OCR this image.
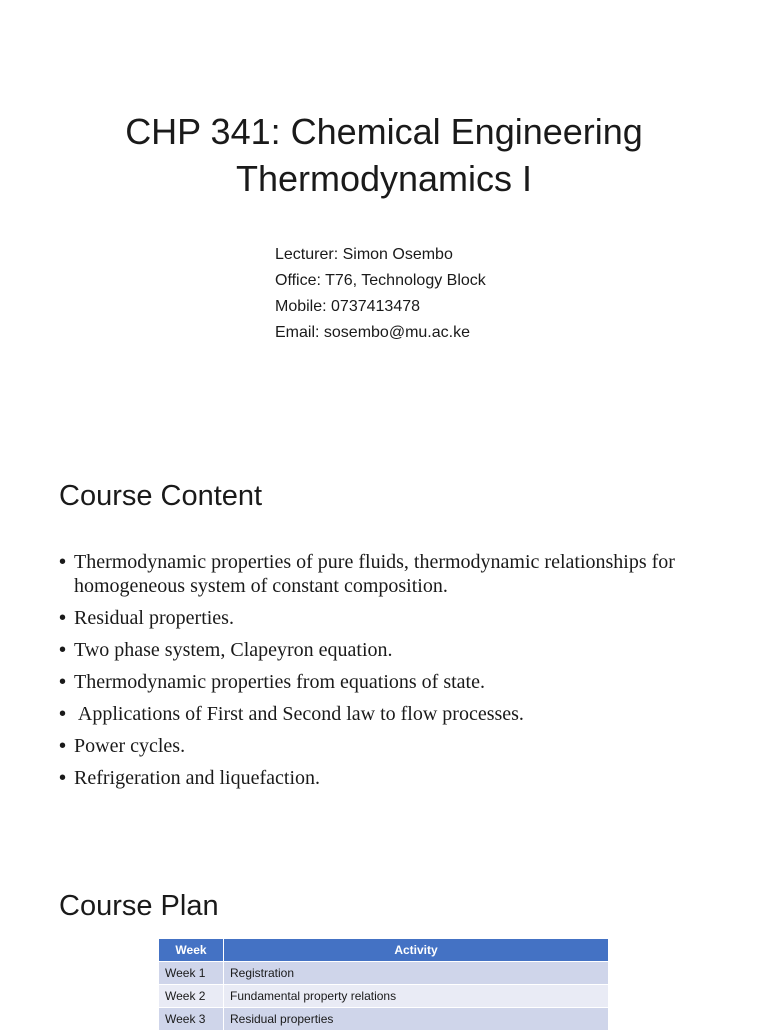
CHP 341: Chemical Engineering
Thermodynamics I
Lecturer: Simon Osembo
Office: T76, Technology Block
Mobile: 0737413478
Email: sosembo@mu.ac.ke
Course Content
• Thermodynamic properties of pure fluids, thermodynamic relationships for homogeneous system of constant composition.
• Residual properties.
• Two phase system, Clapeyron equation.
• Thermodynamic properties from equations of state.
• Applications of First and Second law to flow processes.
• Power cycles.
• Refrigeration and liquefaction.
Course Plan
Week	Activity
Week 1	Registration
Week 2	Fundamental property relations
Week 3	Residual properties
